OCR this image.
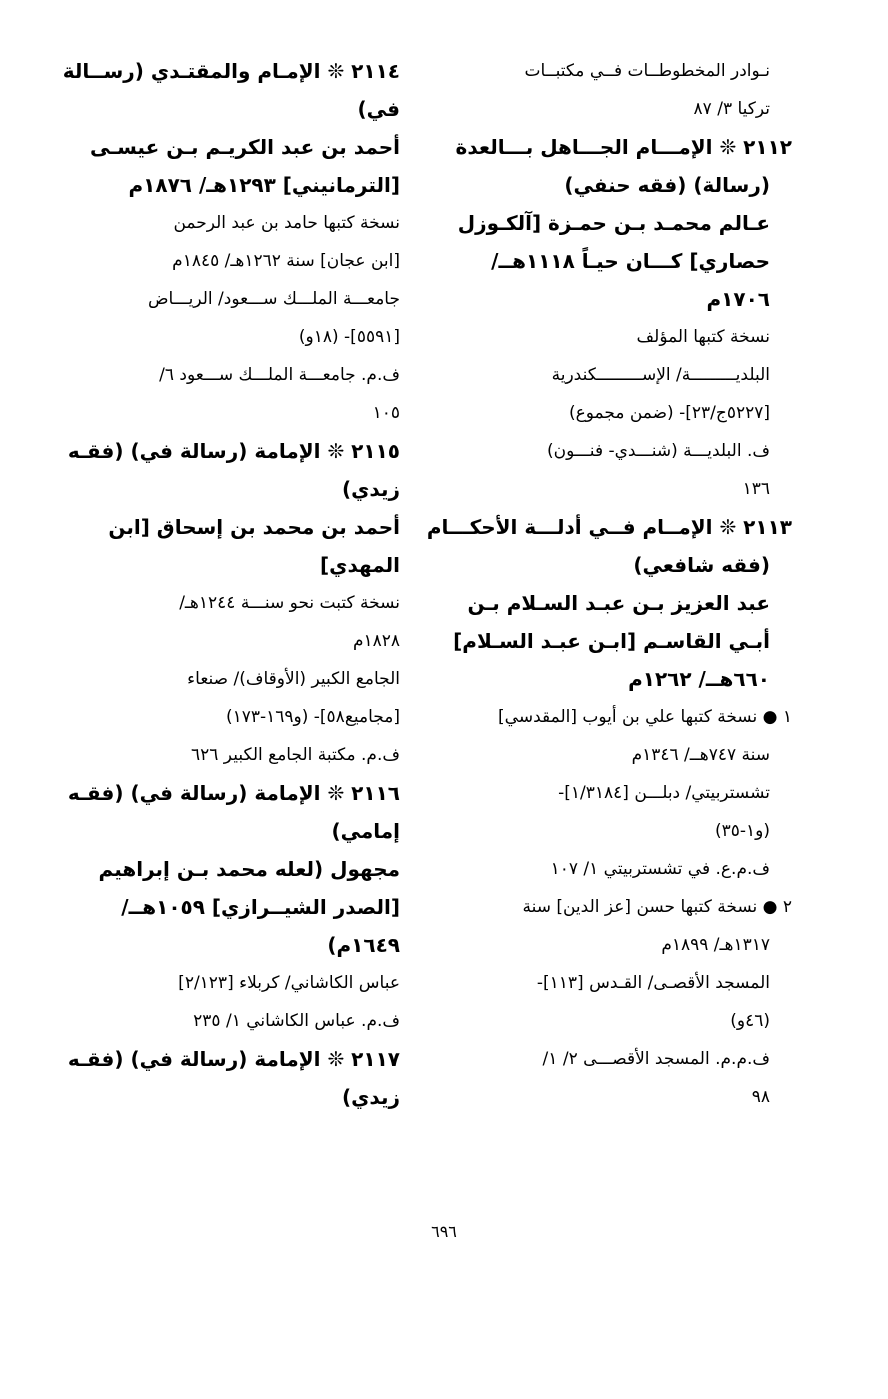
نـوادر المخطوطــات فــي مكتبــات
تركيا ٣/ ٨٧
٢١١٢ ❊ الإمـــام الجـــاهل بـــالعدة
(رسالة) (فقه حنفي)
عـالم محمـد بـن حمـزة [آلكـوزل
حصاري] كـــان حيـاً ١١١٨هــ/
١٧٠٦م
نسخة كتبها المؤلف
البلديـــــــــة/ الإســـــــــكندرية
[٥٢٢٧ج/٢٣]- (ضمن مجموع)
ف. البلديـــة (شنـــدي- فنـــون)
١٣٦
٢١١٣ ❊ الإمــام فــي أدلـــة الأحكـــام
(فقه شافعي)
عبد العزيز بـن عبـد السـلام بـن
أبـي القاسـم [ابـن عبـد السـلام]
٦٦٠هــ/ ١٢٦٢م
١ ● نسخة كتبها علي بن أيوب [المقدسي]
سنة ٧٤٧هــ/ ١٣٤٦م
تشستربيتي/ دبلـــن [١/٣١٨٤]-
(و١-٣٥)
ف.م.ع. في تشستربيتي ١/ ١٠٧
٢ ● نسخة كتبها حسن [عز الدين] سنة
١٣١٧هـ/ ١٨٩٩م
المسجد الأقصـى/ القـدس [١١٣]-
(٤٦و)
ف.م.م. المسجد الأقصـــى ٢/ ١/
٩٨
٢١١٤ ❊ الإمـام والمقتـدي (رســالة
في)
أحمد بن عبد الكريـم بـن عيسـى
[الترمانيني] ١٢٩٣هـ/ ١٨٧٦م
نسخة كتبها حامد بن عبد الرحمن
[ابن عجان] سنة ١٢٦٢هـ/ ١٨٤٥م
جامعـــة الملـــك ســـعود/ الريـــاض
[٥٥٩١]- (١٨و)
ف.م. جامعـــة الملـــك ســـعود ٦/
١٠٥
٢١١٥ ❊ الإمامة (رسالة في) (فقـه
زيدي)
أحمد بن محمد بن إسحاق [ابن
المهدي]
نسخة كتبت نحو سنـــة ١٢٤٤هـ/
١٨٢٨م
الجامع الكبير (الأوقاف)/ صنعاء
[مجاميع٥٨]- (و١٦٩-١٧٣)
ف.م. مكتبة الجامع الكبير ٦٢٦
٢١١٦ ❊ الإمامة (رسالة في) (فقـه
إمامي)
مجهول (لعله محمد بـن إبراهيم
[الصدر الشيــرازي] ١٠٥٩هــ/
١٦٤٩م)
عباس الكاشاني/ كربلاء [٢/١٢٣]
ف.م. عباس الكاشاني ١/ ٢٣٥
٢١١٧ ❊ الإمامة (رسالة في) (فقـه
زيدي)
٦٩٦
